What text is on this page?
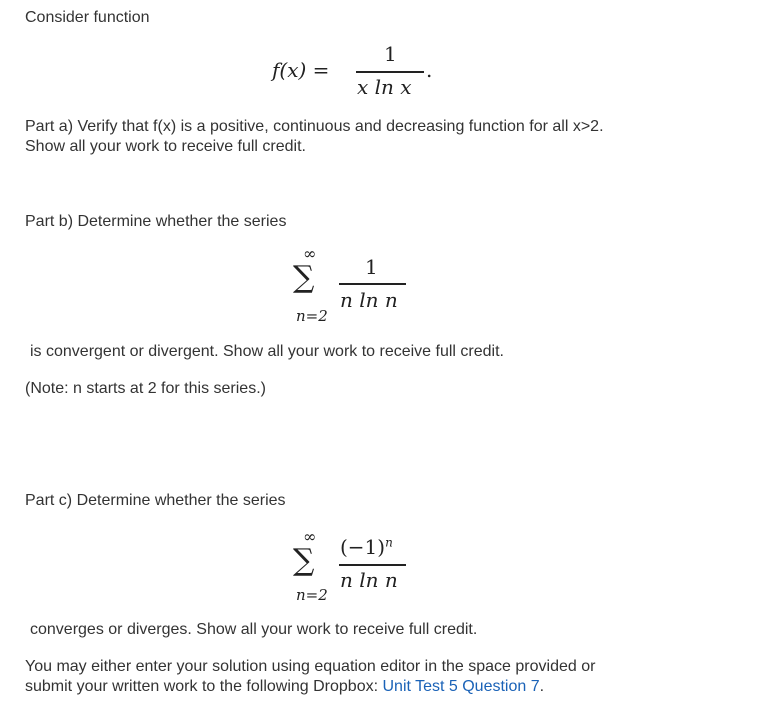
Consider function
f(x) =
1
x ln x
.
Part a) Verify that f(x) is a positive, continuous and decreasing function for all x>2.
Show all your work to receive full credit.
Part b) Determine whether the series
∞
∑
n=2
1
n ln n
is convergent or divergent. Show all your work to receive full credit.
(Note: n starts at 2 for this series.)
Part c) Determine whether the series
∞
∑
n=2
$(-1)^n$
n ln n
converges or diverges. Show all your work to receive full credit.
You may either enter your solution using equation editor in the space provided or
submit your written work to the following Dropbox: Unit Test 5 Question 7.
